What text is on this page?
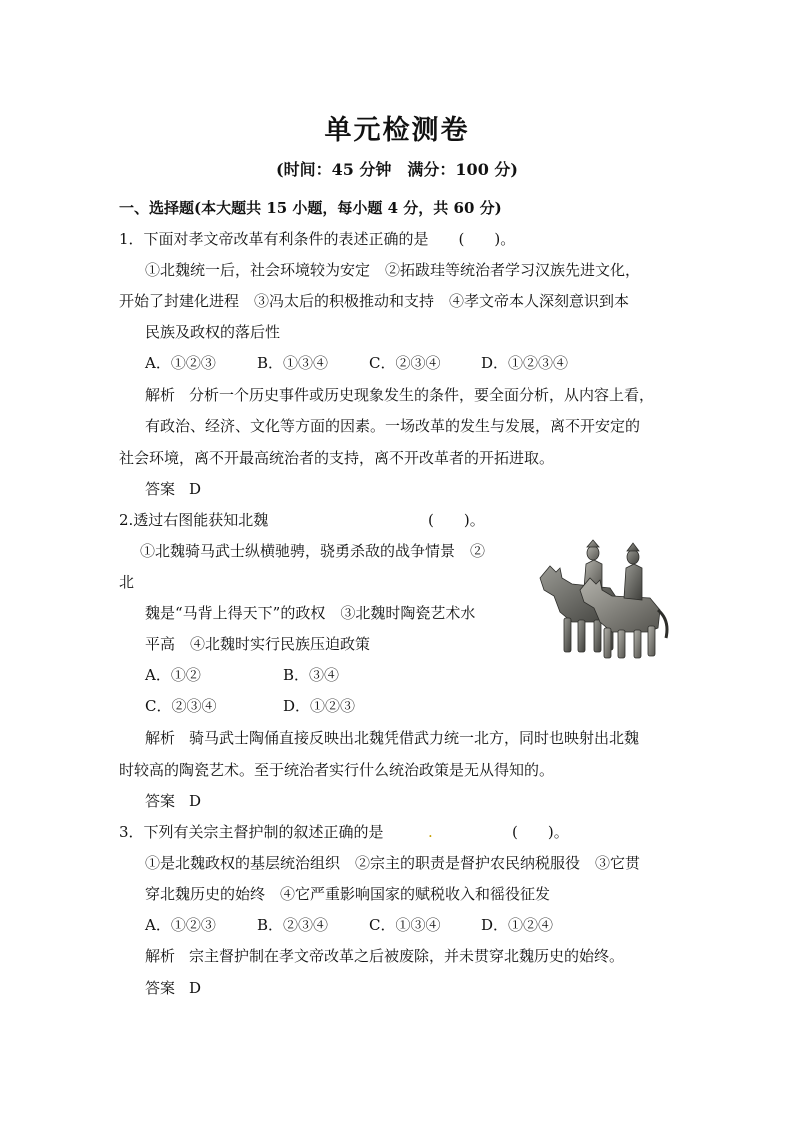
单元检测卷
(时间：45 分钟　满分：100 分)
一、选择题(本大题共 15 小题，每小题 4 分，共 60 分)
1．下面对孝文帝改革有利条件的表述正确的是　　(　　)。
①北魏统一后，社会环境较为安定　②拓跋珪等统治者学习汉族先进文化，
开始了封建化进程　③冯太后的积极推动和支持　④孝文帝本人深刻意识到本
民族及政权的落后性
A．①②③	B．①③④	C．②③④	D．①②③④
解析 分析一个历史事件或历史现象发生的条件，要全面分析，从内容上看，
有政治、经济、文化等方面的因素。一场改革的发生与发展，离不开安定的
社会环境，离不开最高统治者的支持，离不开改革者的开拓进取。
答案 D
2.透过右图能获知北魏	(　　)。
①北魏骑马武士纵横驰骋，骁勇杀敌的战争情景　②
北
魏是“马背上得天下”的政权　③北魏时陶瓷艺术水
平高　④北魏时实行民族压迫政策
A．①②	B．③④
C．②③④	D．①②③
解析 骑马武士陶俑直接反映出北魏凭借武力统一北方，同时也映射出北魏
时较高的陶瓷艺术。至于统治者实行什么统治政策是无从得知的。
答案 D
3．下列有关宗主督护制的叙述正确的是	.	(　　)。
①是北魏政权的基层统治组织　②宗主的职责是督护农民纳税服役　③它贯
穿北魏历史的始终　④它严重影响国家的赋税收入和徭役征发
A．①②③	B．②③④	C．①③④	D．①②④
解析 宗主督护制在孝文帝改革之后被废除，并未贯穿北魏历史的始终。
答案 D
